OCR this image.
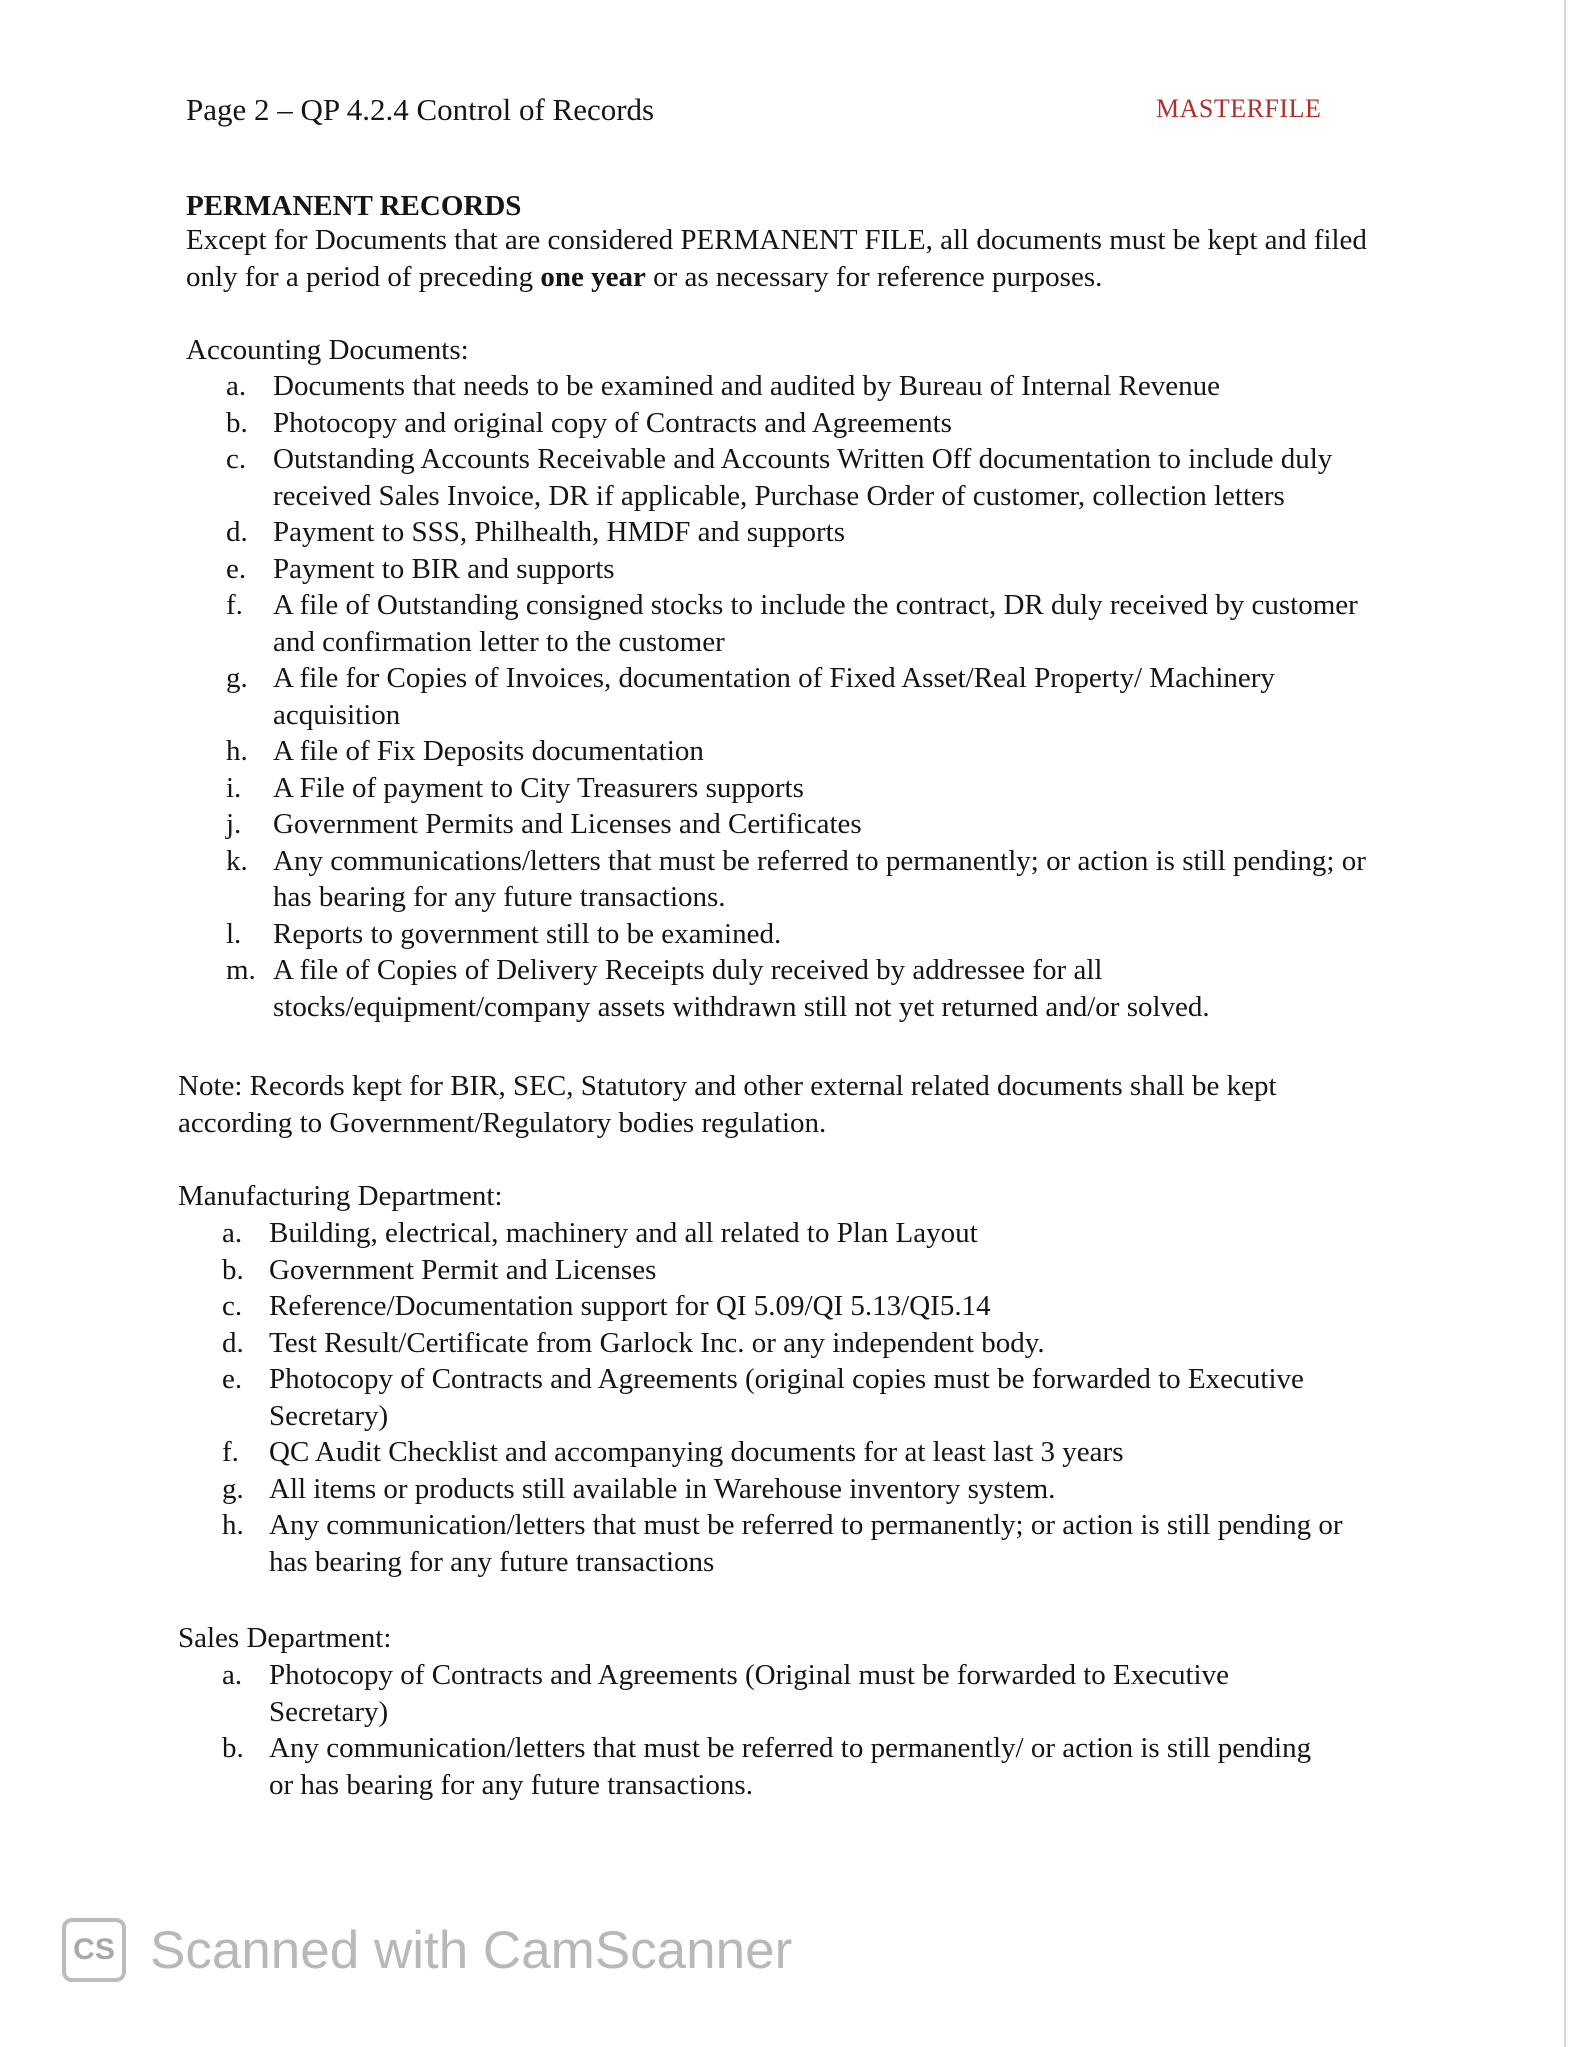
Page 2 – QP 4.2.4 Control of Records	MASTERFILE
PERMANENT RECORDS
Except for Documents that are considered PERMANENT FILE, all documents must be kept and filed only for a period of preceding one year or as necessary for reference purposes.
Accounting Documents:
a. Documents that needs to be examined and audited by Bureau of Internal Revenue
b. Photocopy and original copy of Contracts and Agreements
c. Outstanding Accounts Receivable and Accounts Written Off documentation to include duly received Sales Invoice, DR if applicable, Purchase Order of customer, collection letters
d. Payment to SSS, Philhealth, HMDF and supports
e. Payment to BIR and supports
f.	A file of Outstanding consigned stocks to include the contract, DR duly received by customer and confirmation letter to the customer
g. A file for Copies of Invoices, documentation of Fixed Asset/Real Property/ Machinery acquisition
h. A file of Fix Deposits documentation
i.	A File of payment to City Treasurers supports
j.	Government Permits and Licenses and Certificates
k. Any communications/letters that must be referred to permanently; or action is still pending; or has bearing for any future transactions.
l.	Reports to government still to be examined.
m. A file of Copies of Delivery Receipts duly received by addressee for all stocks/equipment/company assets withdrawn still not yet returned and/or solved.
Note: Records kept for BIR, SEC, Statutory and other external related documents shall be kept according to Government/Regulatory bodies regulation.
Manufacturing Department:
a. Building, electrical, machinery and all related to Plan Layout
b. Government Permit and Licenses
c. Reference/Documentation support for QI 5.09/QI 5.13/QI5.14
d. Test Result/Certificate from Garlock Inc. or any independent body.
e. Photocopy of Contracts and Agreements (original copies must be forwarded to Executive Secretary)
f.	QC Audit Checklist and accompanying documents for at least last 3 years
g. All items or products still available in Warehouse inventory system.
h. Any communication/letters that must be referred to permanently; or action is still pending or has bearing for any future transactions
Sales Department:
a. Photocopy of Contracts and Agreements (Original must be forwarded to Executive Secretary)
b. Any communication/letters that must be referred to permanently/ or action is still pending or has bearing for any future transactions.
CS Scanned with CamScanner
